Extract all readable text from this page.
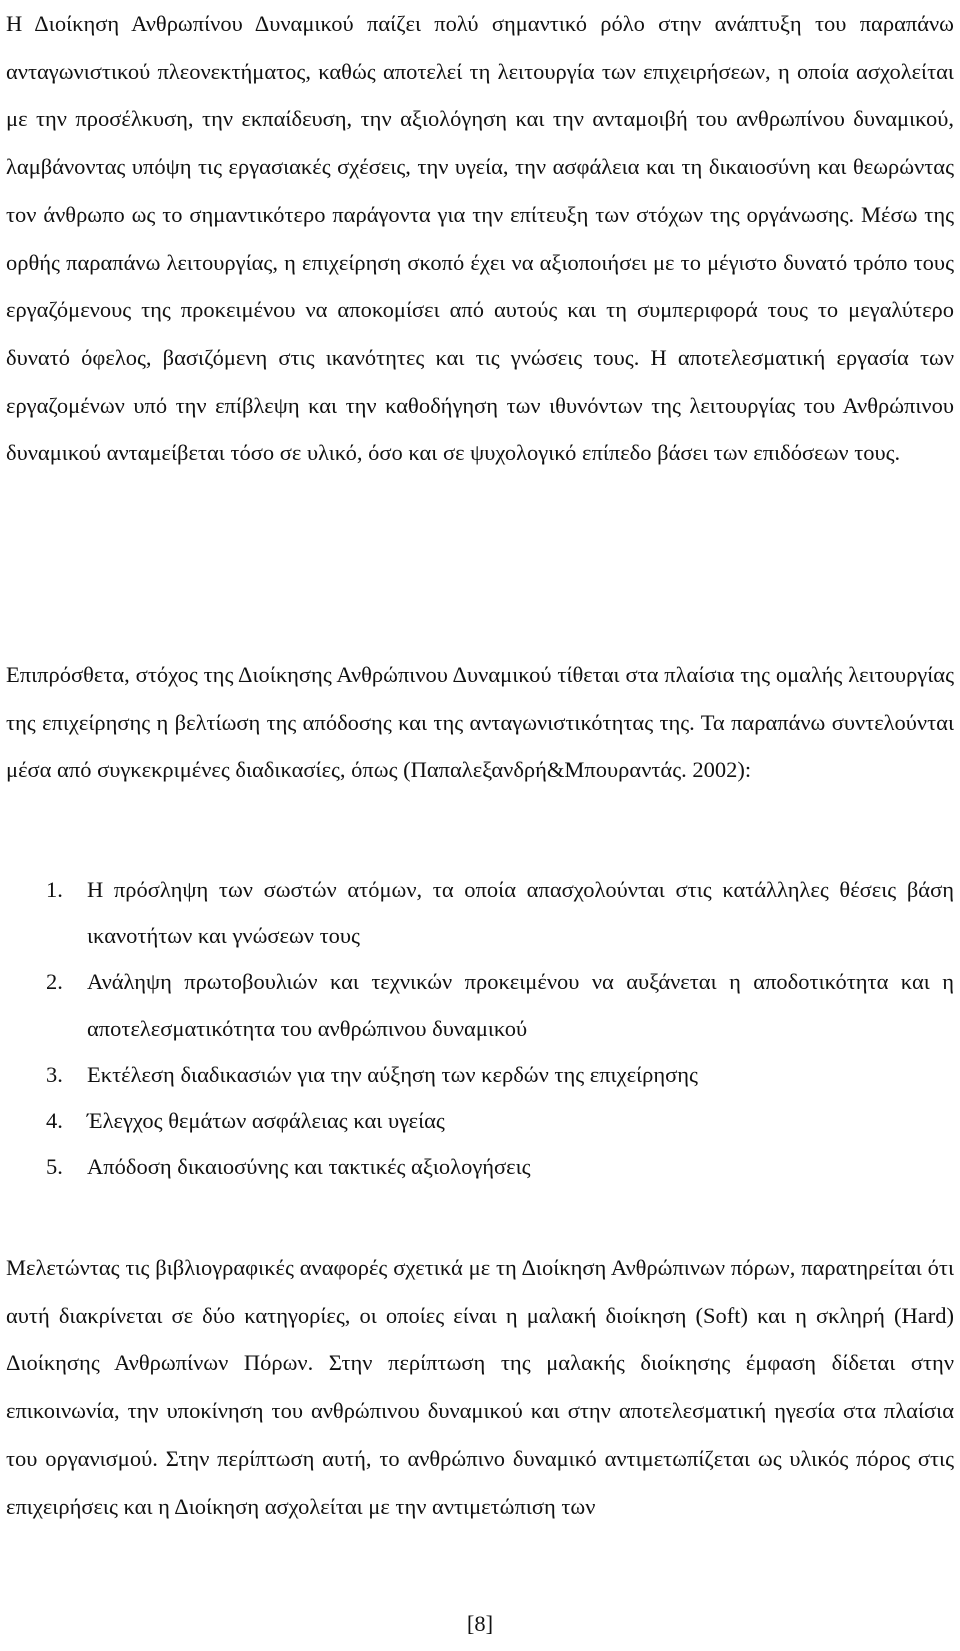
Η Διοίκηση Ανθρωπίνου Δυναμικού παίζει πολύ σημαντικό ρόλο στην ανάπτυξη του παραπάνω ανταγωνιστικού πλεονεκτήματος, καθώς αποτελεί τη λειτουργία των επιχειρήσεων, η οποία ασχολείται με την προσέλκυση, την εκπαίδευση, την αξιολόγηση και την ανταμοιβή του ανθρωπίνου δυναμικού, λαμβάνοντας υπόψη τις εργασιακές σχέσεις, την υγεία, την ασφάλεια και τη δικαιοσύνη και θεωρώντας τον άνθρωπο ως το σημαντικότερο παράγοντα για την επίτευξη των στόχων της οργάνωσης. Μέσω της ορθής παραπάνω λειτουργίας, η επιχείρηση σκοπό έχει να αξιοποιήσει με το μέγιστο δυνατό τρόπο τους εργαζόμενους της προκειμένου να αποκομίσει από αυτούς και τη συμπεριφορά τους το μεγαλύτερο δυνατό όφελος, βασιζόμενη στις ικανότητες και τις γνώσεις τους. Η αποτελεσματική εργασία των εργαζομένων υπό την επίβλεψη και την καθοδήγηση των ιθυνόντων της λειτουργίας του Ανθρώπινου δυναμικού ανταμείβεται τόσο σε υλικό, όσο και σε ψυχολογικό επίπεδο βάσει των επιδόσεων τους.

Επιπρόσθετα, στόχος της Διοίκησης Ανθρώπινου Δυναμικού τίθεται στα πλαίσια της ομαλής λειτουργίας της επιχείρησης η βελτίωση της απόδοσης και της ανταγωνιστικότητας της. Τα παραπάνω συντελούνται μέσα από συγκεκριμένες διαδικασίες, όπως (Παπαλεξανδρή&Μπουραντάς. 2002):

1.	Η πρόσληψη των σωστών ατόμων, τα οποία απασχολούνται στις κατάλληλες θέσεις βάση ικανοτήτων και γνώσεων τους
2.	Ανάληψη πρωτοβουλιών και τεχνικών προκειμένου να αυξάνεται η αποδοτικότητα και η αποτελεσματικότητα του ανθρώπινου δυναμικού
3.	Εκτέλεση διαδικασιών για την αύξηση των κερδών της επιχείρησης
4.	Έλεγχος θεμάτων ασφάλειας και υγείας
5.	Απόδοση δικαιοσύνης και τακτικές αξιολογήσεις

Μελετώντας τις βιβλιογραφικές αναφορές σχετικά με τη Διοίκηση Ανθρώπινων πόρων, παρατηρείται ότι αυτή διακρίνεται σε δύο κατηγορίες, οι οποίες είναι η μαλακή διοίκηση (Soft) και η σκληρή (Hard) Διοίκησης Ανθρωπίνων Πόρων. Στην περίπτωση της μαλακής διοίκησης έμφαση δίδεται στην επικοινωνία, την υποκίνηση του ανθρώπινου δυναμικού και στην αποτελεσματική ηγεσία στα πλαίσια του οργανισμού. Στην περίπτωση αυτή, το ανθρώπινο δυναμικό αντιμετωπίζεται ως υλικός πόρος στις επιχειρήσεις και η Διοίκηση ασχολείται με την αντιμετώπιση των

[8]
